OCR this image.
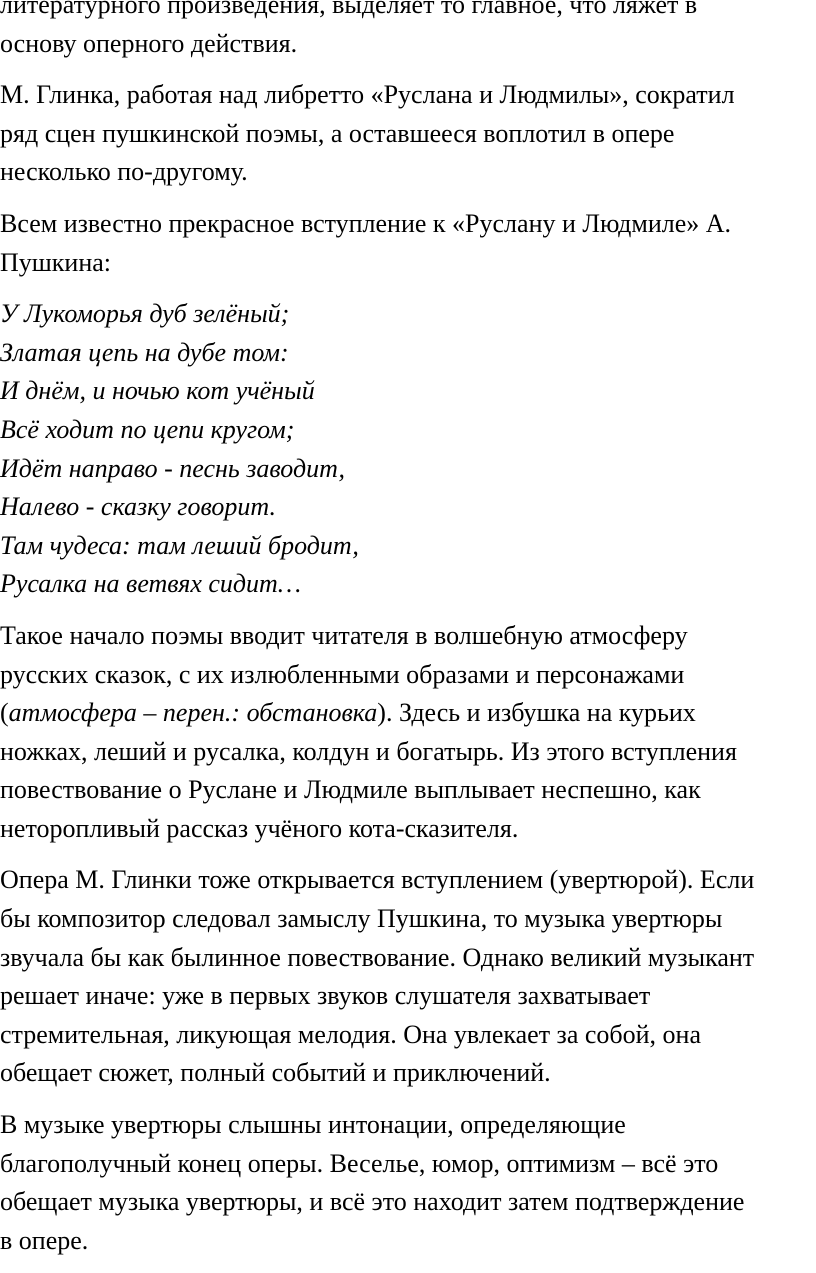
литературного произведения, выделяет то главное, что ляжет в
основу оперного действия.

М. Глинка, работая над либретто «Руслана и Людмилы», сократил
ряд сцен пушкинской поэмы, а оставшееся воплотил в опере
несколько по-другому.

Всем известно прекрасное вступление к «Руслану и Людмиле» А.
Пушкина:

У Лукоморья дуб зелёный;
Златая цепь на дубе том:
И днём, и ночью кот учёный
Всё ходит по цепи кругом;
Идёт направо - песнь заводит,
Налево - сказку говорит.
Там чудеса: там леший бродит,
Русалка на ветвях сидит…

Такое начало поэмы вводит читателя в волшебную атмосферу
русских сказок, с их излюбленными образами и персонажами
(атмосфера – перен.: обстановка). Здесь и избушка на курьих
ножках, леший и русалка, колдун и богатырь. Из этого вступления
повествование о Руслане и Людмиле выплывает неспешно, как
неторопливый рассказ учёного кота-сказителя.

Опера М. Глинки тоже открывается вступлением (увертюрой). Если
бы композитор следовал замыслу Пушкина, то музыка увертюры
звучала бы как былинное повествование. Однако великий музыкант
решает иначе: уже в первых звуков слушателя захватывает
стремительная, ликующая мелодия. Она увлекает за собой, она
обещает сюжет, полный событий и приключений.

В музыке увертюры слышны интонации, определяющие
благополучный конец оперы. Веселье, юмор, оптимизм – всё это
обещает музыка увертюры, и всё это находит затем подтверждение
в опере.
